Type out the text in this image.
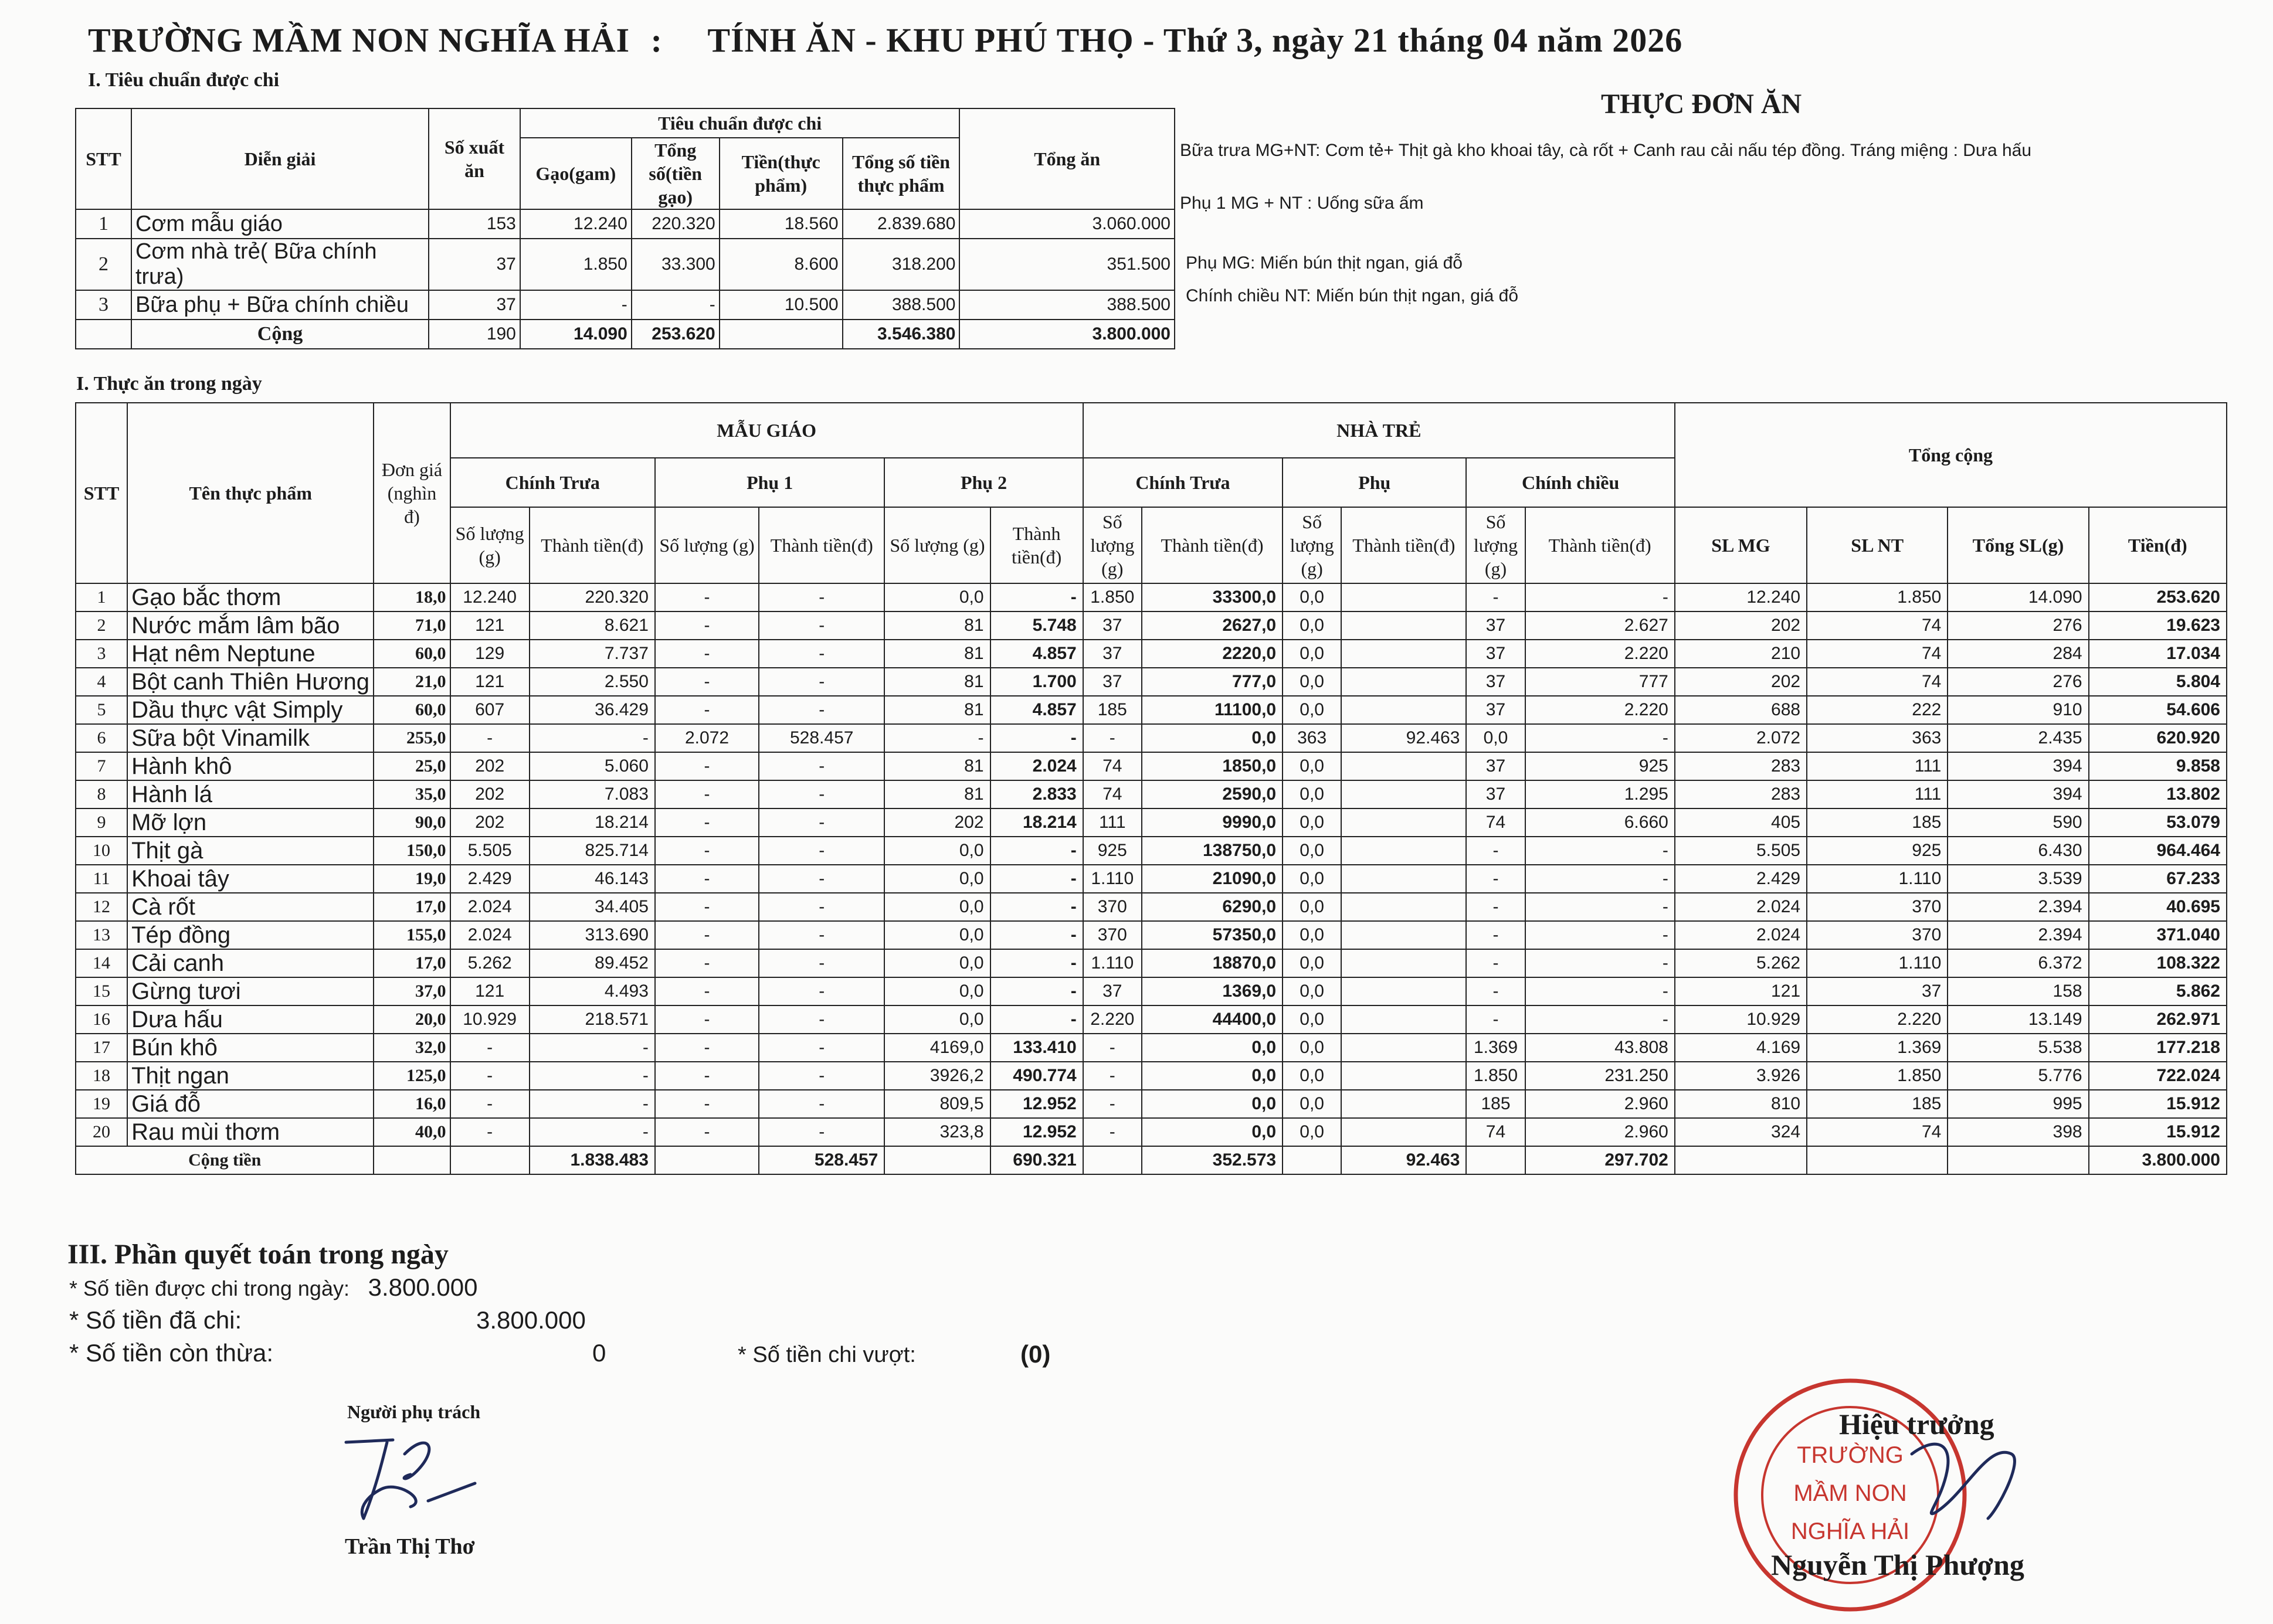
TRƯỜNG MẦM NON NGHĨA HẢI : TÍNH ĂN - KHU PHÚ THỌ - Thứ 3, ngày 21 tháng 04 năm 2026
I. Tiêu chuẩn được chi
STT	Diễn giải	Số xuất ăn	Tiêu chuẩn được chi				Tổng ăn
			Gạo(gam)	Tổng số(tiền gạo)	Tiền(thực phẩm)	Tổng số tiền thực phẩm	
1	Cơm mẫu giáo	153	12.240	220.320	18.560	2.839.680	3.060.000
2	Cơm nhà trẻ( Bữa chính trưa)	37	1.850	33.300	8.600	318.200	351.500
3	Bữa phụ + Bữa chính chiều	37	-	-	10.500	388.500	388.500
	Cộng	190	14.090	253.620		3.546.380	3.800.000
THỰC ĐƠN ĂN
Bữa trưa MG+NT: Cơm tẻ+ Thịt gà kho khoai tây, cà rốt + Canh rau cải nấu tép đồng. Tráng miệng : Dưa hấu
Phụ 1 MG + NT : Uống sữa ấm
Phụ MG: Miến bún thịt ngan, giá đỗ
Chính chiều NT: Miến bún thịt ngan, giá đỗ
I. Thực ăn trong ngày
STT	Tên thực phẩm	Đơn giá (nghìn đ)	MẪU GIÁO						NHÀ TRẺ						Tổng cộng			
			Chính Trưa		Phụ 1		Phụ 2		Chính Trưa		Phụ		Chính chiều					
			Số lượng (g)	Thành tiền(đ)	Số lượng (g)	Thành tiền(đ)	Số lượng (g)	Thành tiền(đ)	Số lượng (g)	Thành tiền(đ)	Số lượng (g)	Thành tiền(đ)	Số lượng (g)	Thành tiền(đ)	SL MG	SL NT	Tổng SL(g)	Tiền(đ)
1	Gạo bắc thơm	18,0	12.240	220.320	-	-	0,0	-	1.850	33300,0	0,0		-	-	12.240	1.850	14.090	253.620
2	Nước mắm lâm bão	71,0	121	8.621	-	-	81	5.748	37	2627,0	0,0		37	2.627	202	74	276	19.623
3	Hạt nêm Neptune	60,0	129	7.737	-	-	81	4.857	37	2220,0	0,0		37	2.220	210	74	284	17.034
4	Bột canh Thiên Hương	21,0	121	2.550	-	-	81	1.700	37	777,0	0,0		37	777	202	74	276	5.804
5	Dầu thực vật Simply	60,0	607	36.429	-	-	81	4.857	185	11100,0	0,0		37	2.220	688	222	910	54.606
6	Sữa bột Vinamilk	255,0	-	-	2.072	528.457	-	-	-	0,0	363	92.463	0,0	-	2.072	363	2.435	620.920
7	Hành khô	25,0	202	5.060	-	-	81	2.024	74	1850,0	0,0		37	925	283	111	394	9.858
8	Hành lá	35,0	202	7.083	-	-	81	2.833	74	2590,0	0,0		37	1.295	283	111	394	13.802
9	Mỡ lợn	90,0	202	18.214	-	-	202	18.214	111	9990,0	0,0		74	6.660	405	185	590	53.079
10	Thịt gà	150,0	5.505	825.714	-	-	0,0	-	925	138750,0	0,0		-	-	5.505	925	6.430	964.464
11	Khoai tây	19,0	2.429	46.143	-	-	0,0	-	1.110	21090,0	0,0		-	-	2.429	1.110	3.539	67.233
12	Cà rốt	17,0	2.024	34.405	-	-	0,0	-	370	6290,0	0,0		-	-	2.024	370	2.394	40.695
13	Tép đồng	155,0	2.024	313.690	-	-	0,0	-	370	57350,0	0,0		-	-	2.024	370	2.394	371.040
14	Cải canh	17,0	5.262	89.452	-	-	0,0	-	1.110	18870,0	0,0		-	-	5.262	1.110	6.372	108.322
15	Gừng tươi	37,0	121	4.493	-	-	0,0	-	37	1369,0	0,0		-	-	121	37	158	5.862
16	Dưa hấu	20,0	10.929	218.571	-	-	0,0	-	2.220	44400,0	0,0		-	-	10.929	2.220	13.149	262.971
17	Bún khô	32,0	-	-	-	-	4169,0	133.410	-	0,0	0,0		1.369	43.808	4.169	1.369	5.538	177.218
18	Thịt ngan	125,0	-	-	-	-	3926,2	490.774	-	0,0	0,0		1.850	231.250	3.926	1.850	5.776	722.024
19	Giá đỗ	16,0	-	-	-	-	809,5	12.952	-	0,0	0,0		185	2.960	810	185	995	15.912
20	Rau mùi thơm	40,0	-	-	-	-	323,8	12.952	-	0,0	0,0		74	2.960	324	74	398	15.912
Cộng tiền				1.838.483		528.457		690.321		352.573		92.463		297.702				3.800.000
III. Phần quyết toán trong ngày
* Số tiền được chi trong ngày: 3.800.000
* Số tiền đã chi:	3.800.000
* Số tiền còn thừa:	0	* Số tiền chi vượt:	(0)
Người phụ trách
Trần Thị Thơ
TRƯỜNG
MẦM NON
NGHĨA HẢI
Hiệu trưởng
Nguyễn Thị Phượng
